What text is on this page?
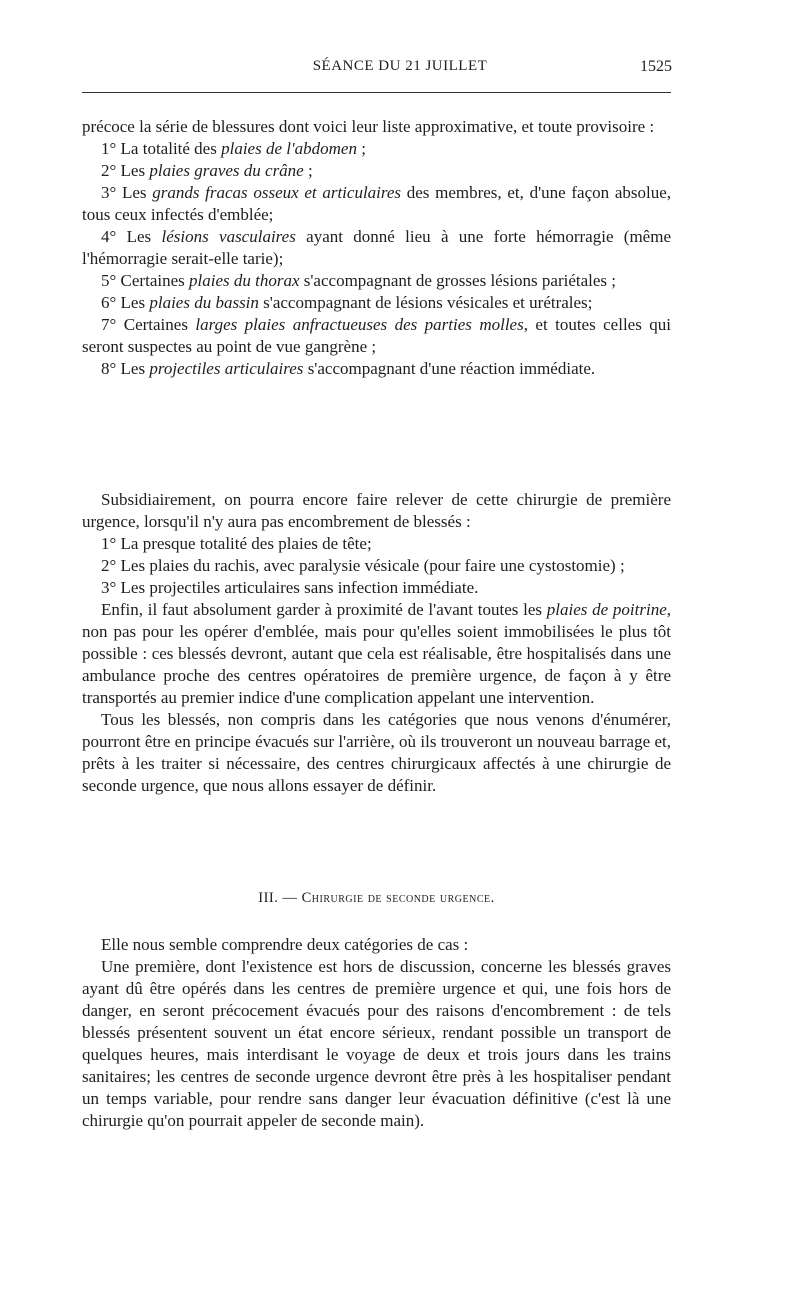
SÉANCE DU 21 JUILLET	1525

précoce la série de blessures dont voici leur liste approximative, et toute provisoire :

1° La totalité des plaies de l'abdomen ;

2° Les plaies graves du crâne ;

3° Les grands fracas osseux et articulaires des membres, et, d'une façon absolue, tous ceux infectés d'emblée;

4° Les lésions vasculaires ayant donné lieu à une forte hémorragie (même l'hémorragie serait-elle tarie);

5° Certaines plaies du thorax s'accompagnant de grosses lésions pariétales ;

6° Les plaies du bassin s'accompagnant de lésions vésicales et urétrales;

7° Certaines larges plaies anfractueuses des parties molles, et toutes celles qui seront suspectes au point de vue gangrène ;

8° Les projectiles articulaires s'accompagnant d'une réaction immédiate.

Subsidiairement, on pourra encore faire relever de cette chirurgie de première urgence, lorsqu'il n'y aura pas encombrement de blessés :

1° La presque totalité des plaies de tête;

2° Les plaies du rachis, avec paralysie vésicale (pour faire une cystostomie) ;

3° Les projectiles articulaires sans infection immédiate.

Enfin, il faut absolument garder à proximité de l'avant toutes les plaies de poitrine, non pas pour les opérer d'emblée, mais pour qu'elles soient immobilisées le plus tôt possible : ces blessés devront, autant que cela est réalisable, être hospitalisés dans une ambulance proche des centres opératoires de première urgence, de façon à y être transportés au premier indice d'une complication appelant une intervention.

Tous les blessés, non compris dans les catégories que nous venons d'énumérer, pourront être en principe évacués sur l'arrière, où ils trouveront un nouveau barrage et, prêts à les traiter si nécessaire, des centres chirurgicaux affectés à une chirurgie de seconde urgence, que nous allons essayer de définir.

III. — Chirurgie de seconde urgence.

Elle nous semble comprendre deux catégories de cas :

Une première, dont l'existence est hors de discussion, concerne les blessés graves ayant dû être opérés dans les centres de première urgence et qui, une fois hors de danger, en seront précocement évacués pour des raisons d'encombrement : de tels blessés présentent souvent un état encore sérieux, rendant possible un transport de quelques heures, mais interdisant le voyage de deux et trois jours dans les trains sanitaires; les centres de seconde urgence devront être près à les hospitaliser pendant un temps variable, pour rendre sans danger leur évacuation définitive (c'est là une chirurgie qu'on pourrait appeler de seconde main).
